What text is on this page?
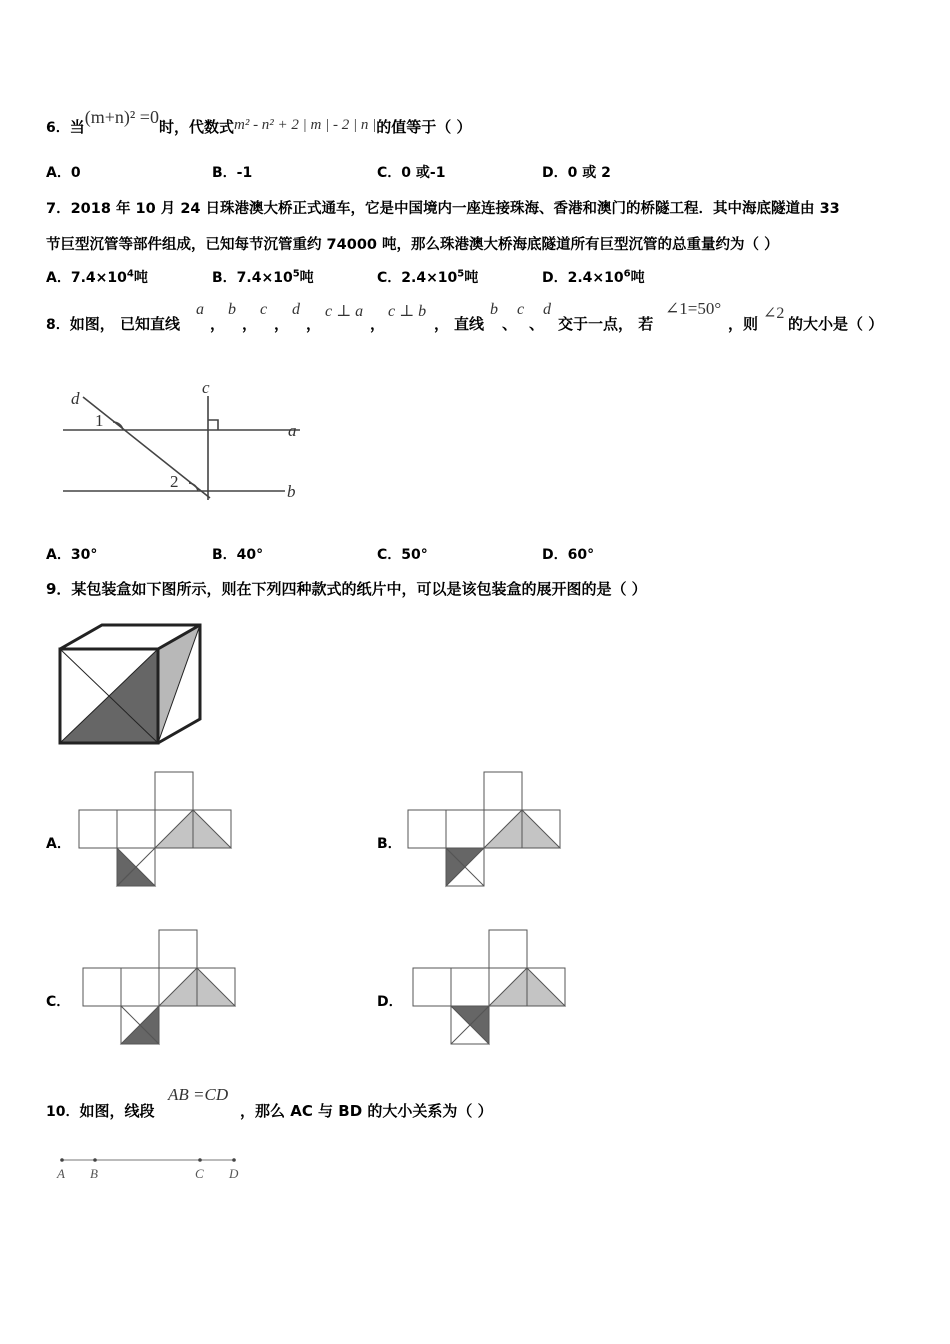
6．当(m+n)² =0时，代数式m² - n² + 2 | m | - 2 | n |的值等于（ ）
A．0	B．-1	C．0 或-1	D．0 或 2
7．2018 年 10 月 24 日珠港澳大桥正式通车，它是中国境内一座连接珠海、香港和澳门的桥隧工程．其中海底隧道由 33
节巨型沉管等部件组成，已知每节沉管重约 74000 吨，那么珠港澳大桥海底隧道所有巨型沉管的总重量约为（ ）
A．$7.4\times 10^4$吨	B．$7.4\times 10^5$吨	C．$2.4\times 10^5$吨	D．$2.4\times 10^6$吨
8．如图， 已知直线
a
，
b
，
c
，
d
，
c ⊥ a
，
c ⊥ b
， 直线
b
、
c
、
d
交于一点， 若
∠1=50°
，则
∠2
的大小是（ ）
d
c
a
b
1
2
A．30°	B．40°	C．50°	D．60°
9．某包装盒如下图所示，则在下列四种款式的纸片中，可以是该包装盒的展开图的是（ ）
A．	B．
C．	D．
10．如图，线段
AB =CD
，那么 AC 与 BD 的大小关系为（ ）
A B	C D
